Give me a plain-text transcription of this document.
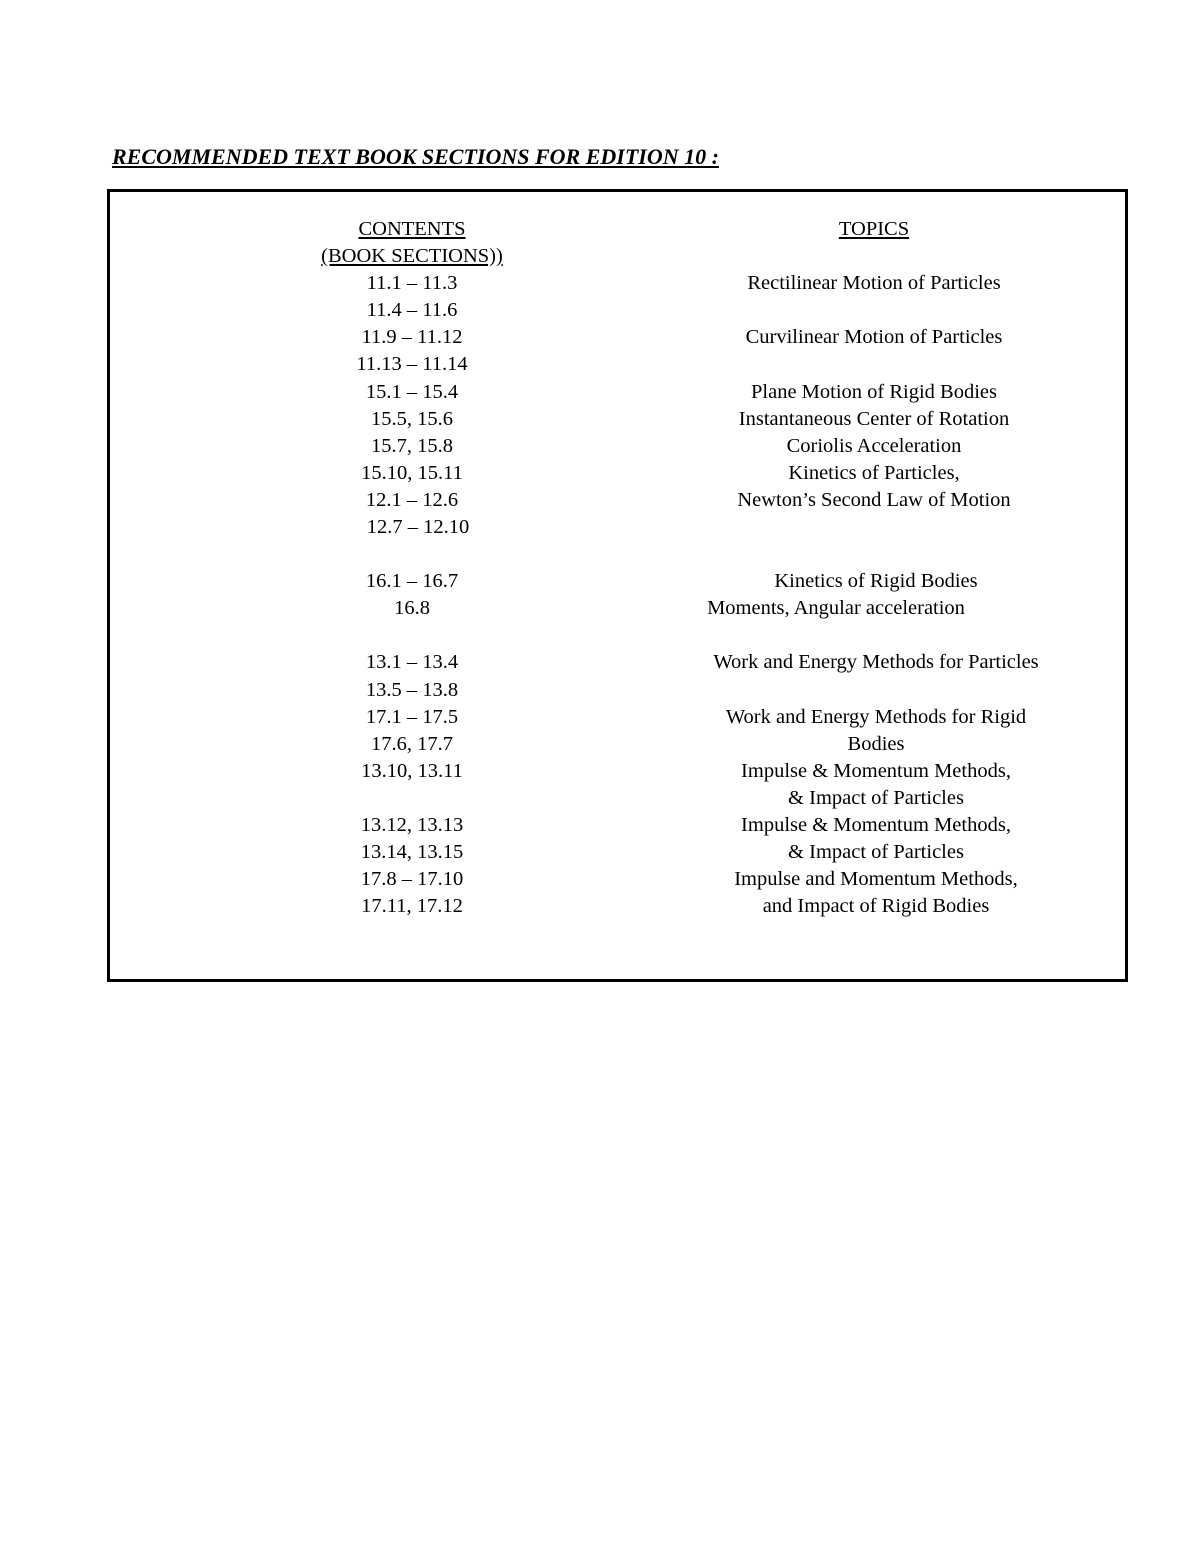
RECOMMENDED TEXT BOOK SECTIONS FOR EDITION 10 :
CONTENTS
(BOOK SECTIONS))
11.1 – 11.3
11.4 – 11.6
11.9 – 11.12
11.13 – 11.14
15.1 – 15.4
15.5, 15.6
15.7, 15.8
15.10, 15.11
12.1 – 12.6
12.7 – 12.10
16.1 – 16.7
16.8
13.1 – 13.4
13.5 – 13.8
17.1 – 17.5
17.6, 17.7
13.10, 13.11
13.12, 13.13
13.14, 13.15
17.8 – 17.10
17.11, 17.12
TOPICS
Rectilinear Motion of Particles
Curvilinear Motion of Particles
Plane Motion of Rigid Bodies
Instantaneous Center of Rotation
Coriolis Acceleration
Kinetics of Particles,
Newton’s Second Law of Motion
Kinetics of Rigid Bodies
Moments, Angular acceleration
Work and Energy Methods for Particles
Work and Energy Methods for Rigid
Bodies
Impulse & Momentum Methods,
& Impact of Particles
Impulse & Momentum Methods,
& Impact of Particles
Impulse and Momentum Methods,
and Impact of Rigid Bodies
